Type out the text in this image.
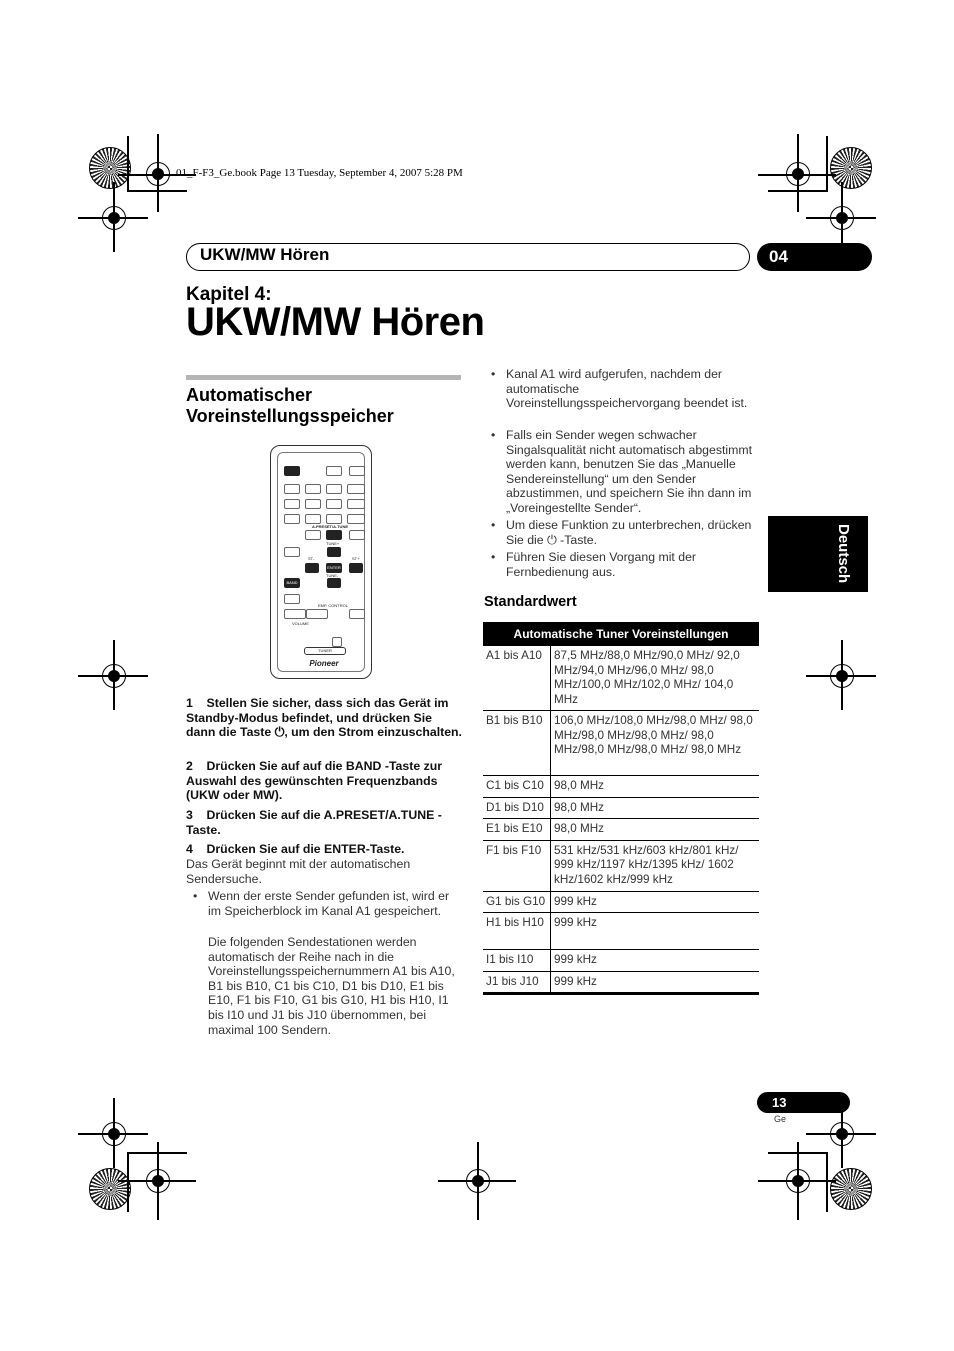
01_F-F3_Ge.book Page 13 Tuesday, September 4, 2007 5:28 PM
UKW/MW Hören	04
Kapitel 4:
UKW/MW Hören
Automatischer Voreinstellungsspeicher
A.PRESET/A.TUNE
TUNE+
ST-	ST+
ENTER
TUNE-
BAND
EMP. CONTROL
VOLUME
TUNER
Pioneer
1 Stellen Sie sicher, dass sich das Gerät im Standby-Modus befindet, und drücken Sie dann die Taste ⏻, um den Strom einzuschalten.
2 Drücken Sie auf auf die BAND -Taste zur Auswahl des gewünschten Frequenzbands (UKW oder MW).
3 Drücken Sie auf die A.PRESET/A.TUNE -Taste.
4 Drücken Sie auf die ENTER-Taste.
Das Gerät beginnt mit der automatischen Sendersuche.
• Wenn der erste Sender gefunden ist, wird er im Speicherblock im Kanal A1 gespeichert.
Die folgenden Sendestationen werden automatisch der Reihe nach in die Voreinstellungsspeichernummern A1 bis A10, B1 bis B10, C1 bis C10, D1 bis D10, E1 bis E10, F1 bis F10, G1 bis G10, H1 bis H10, I1 bis I10 und J1 bis J10 übernommen, bei maximal 100 Sendern.
• Kanal A1 wird aufgerufen, nachdem der automatische Voreinstellungsspeichervorgang beendet ist.
• Falls ein Sender wegen schwacher Singalsqualität nicht automatisch abgestimmt werden kann, benutzen Sie das „Manuelle Sendereinstellung“ um den Sender abzustimmen, und speichern Sie ihn dann im „Voreingestellte Sender“.
• Um diese Funktion zu unterbrechen, drücken Sie die ⏻ -Taste.
• Führen Sie diesen Vorgang mit der Fernbedienung aus.	Deutsch
Standardwert
Automatische Tuner Voreinstellungen	
A1 bis A10	87,5 MHz/88,0 MHz/90,0 MHz/ 92,0 MHz/94,0 MHz/96,0 MHz/ 98,0 MHz/100,0 MHz/102,0 MHz/ 104,0 MHz
B1 bis B10	106,0 MHz/108,0 MHz/98,0 MHz/ 98,0 MHz/98,0 MHz/98,0 MHz/ 98,0 MHz/98,0 MHz/98,0 MHz/ 98,0 MHz
C1 bis C10	98,0 MHz
D1 bis D10	98,0 MHz
E1 bis E10	98,0 MHz
F1 bis F10	531 kHz/531 kHz/603 kHz/801 kHz/ 999 kHz/1197 kHz/1395 kHz/ 1602 kHz/1602 kHz/999 kHz
G1 bis G10	999 kHz
H1 bis H10	999 kHz
I1 bis I10	999 kHz
J1 bis J10	999 kHz
13
Ge
